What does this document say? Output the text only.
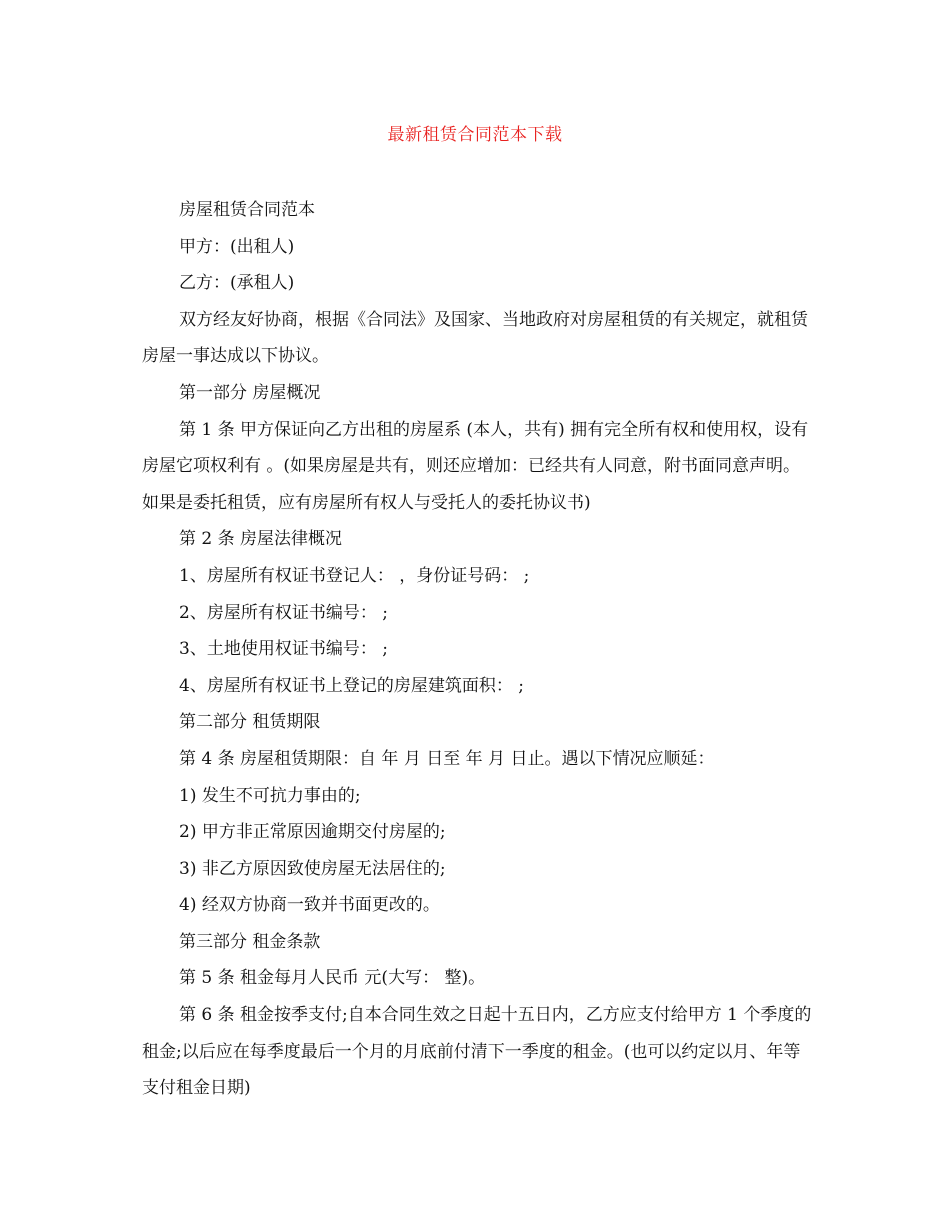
最新租赁合同范本下载

房屋租赁合同范本

甲方：(出租人)

乙方：(承租人)

双方经友好协商，根据《合同法》及国家、当地政府对房屋租赁的有关规定，就租赁房屋一事达成以下协议。

第一部分 房屋概况

第 1 条 甲方保证向乙方出租的房屋系 (本人，共有) 拥有完全所有权和使用权，设有房屋它项权利有 。(如果房屋是共有，则还应增加：已经共有人同意，附书面同意声明。如果是委托租赁，应有房屋所有权人与受托人的委托协议书)

第 2 条 房屋法律概况

1、房屋所有权证书登记人： ，身份证号码： ;

2、房屋所有权证书编号： ;

3、土地使用权证书编号： ;

4、房屋所有权证书上登记的房屋建筑面积： ;

第二部分 租赁期限

第 4 条 房屋租赁期限：自 年 月 日至 年 月 日止。遇以下情况应顺延：

1) 发生不可抗力事由的;

2) 甲方非正常原因逾期交付房屋的;

3) 非乙方原因致使房屋无法居住的;

4) 经双方协商一致并书面更改的。

第三部分 租金条款

第 5 条 租金每月人民币 元(大写： 整)。

第 6 条 租金按季支付;自本合同生效之日起十五日内，乙方应支付给甲方 1 个季度的租金;以后应在每季度最后一个月的月底前付清下一季度的租金。(也可以约定以月、年等支付租金日期)
